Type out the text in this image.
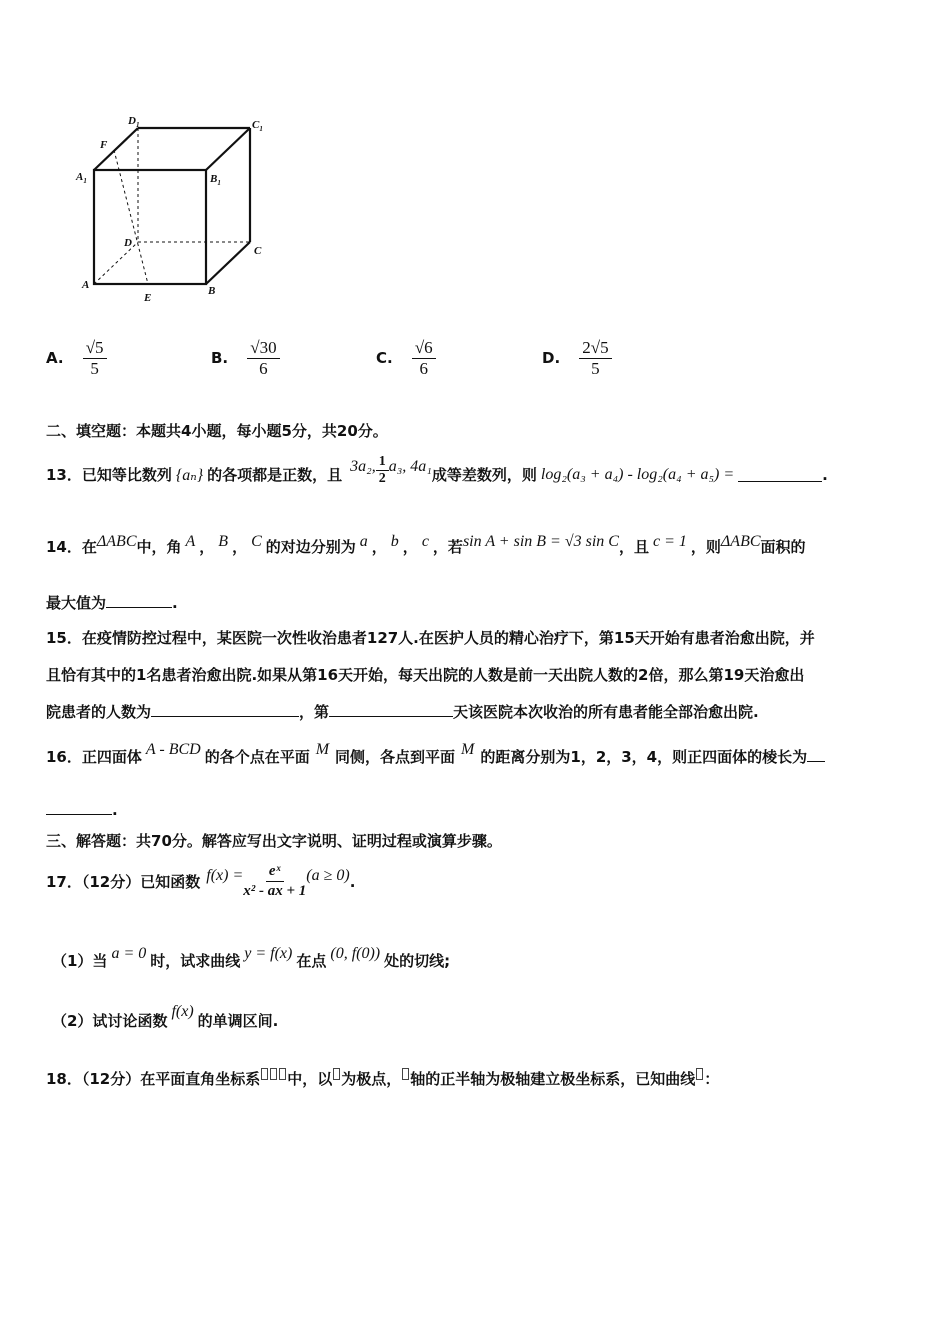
$D_1$	$C_1$
F
$A_1$	$B_1$
D
C
A	B
E
A. $\frac{√5}{5}$	B. $\frac{√30}{6}$	C. $\frac{√6}{6}$	D. $\frac{2√5}{5}$
二、填空题：本题共4小题，每小题5分，共20分。
13．已知等比数列 {aₙ} 的各项都是正数，且 3a₂, $\frac{1}{2} a_3$, 4a₁ 成等差数列，则 log₂(a₃ + a₄) - log₂(a₄ + a₅) =	.
14．在ΔABC中，角 A ， B ， C 的对边分别为 a ， b ， c ，若sin A + sin B = √3 sin C，且 c = 1 ，则ΔABC面积的
最大值为	.
15．在疫情防控过程中，某医院一次性收治患者127人.在医护人员的精心治疗下，第15天开始有患者治愈出院，并
且恰有其中的1名患者治愈出院.如果从第16天开始，每天出院的人数是前一天出院人数的2倍，那么第19天治愈出
院患者的人数为	，第	天该医院本次收治的所有患者能全部治愈出院.
16．正四面体 A - BCD 的各个点在平面 M 同侧，各点到平面 M 的距离分别为1，2，3，4，则正四面体的棱长为
.
三、解答题：共70分。解答应写出文字说明、证明过程或演算步骤。
17．（12分）已知函数 $f(x) = \frac{\text{eˣ}}{\text{x² - ax + 1}} (a \ge 0)$ .
（1）当 a = 0 时，试求曲线 y = f(x) 在点 (0, f(0)) 处的切线;
（2）试讨论函数f(x)的单调区间.
18．（12分）在平面直角坐标系 中，以 为极点， 轴的正半轴为极轴建立极坐标系，已知曲线 ：
